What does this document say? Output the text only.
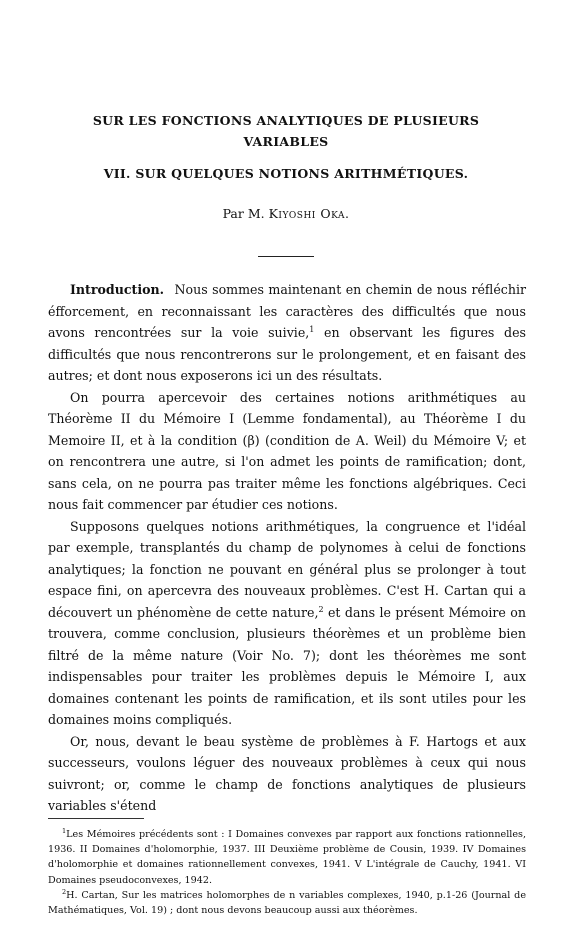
SUR LES FONCTIONS ANALYTIQUES DE PLUSIEURS
VARIABLES
VII. SUR QUELQUES NOTIONS ARITHMÉTIQUES.
Par M. Kiyoshi Oka.

Introduction. Nous sommes maintenant en chemin de nous réfléchir éfforcement, en reconnaissant les caractères des difficultés que nous avons rencontrées sur la voie suivie,$^1$ en observant les figures des difficultés que nous rencontrerons sur le prolongement, et en faisant des autres; et dont nous exposerons ici un des résultats.

On pourra apercevoir des certaines notions arithmétiques au Théorème II du Mémoire I (Lemme fondamental), au Théorème I du Memoire II, et à la condition (β) (condition de A. Weil) du Mémoire V; et on rencontrera une autre, si l'on admet les points de ramification; dont, sans cela, on ne pourra pas traiter même les fonctions algébriques. Ceci nous fait commencer par étudier ces notions.

Supposons quelques notions arithmétiques, la congruence et l'idéal par exemple, transplantés du champ de polynomes à celui de fonctions analytiques; la fonction ne pouvant en général plus se prolonger à tout espace fini, on apercevra des nouveaux problèmes. C'est H. Cartan qui a découvert un phénomène de cette nature,$^2$ et dans le présent Mémoire on trouvera, comme conclusion, plusieurs théorèmes et un problème bien filtré de la même nature (Voir No. 7); dont les théorèmes me sont indispensables pour traiter les problèmes depuis le Mémoire I, aux domaines contenant les points de ramification, et ils sont utiles pour les domaines moins compliqués.

Or, nous, devant le beau système de problèmes à F. Hartogs et aux successeurs, voulons léguer des nouveaux problèmes à ceux qui nous suivront; or, comme le champ de fonctions analytiques de plusieurs variables s'étend

$^1$Les Mémoires précédents sont : I Domaines convexes par rapport aux fonctions rationnelles, 1936. II Domaines d'holomorphie, 1937. III Deuxième problème de Cousin, 1939. IV Domaines d'holomorphie et domaines rationnellement convexes, 1941. V L'intégrale de Cauchy, 1941. VI Domaines pseudoconvexes, 1942.

$^2$H. Cartan, Sur les matrices holomorphes de n variables complexes, 1940, p.1-26 (Journal de Mathématiques, Vol. 19) ; dont nous devons beaucoup aussi aux théorèmes.
